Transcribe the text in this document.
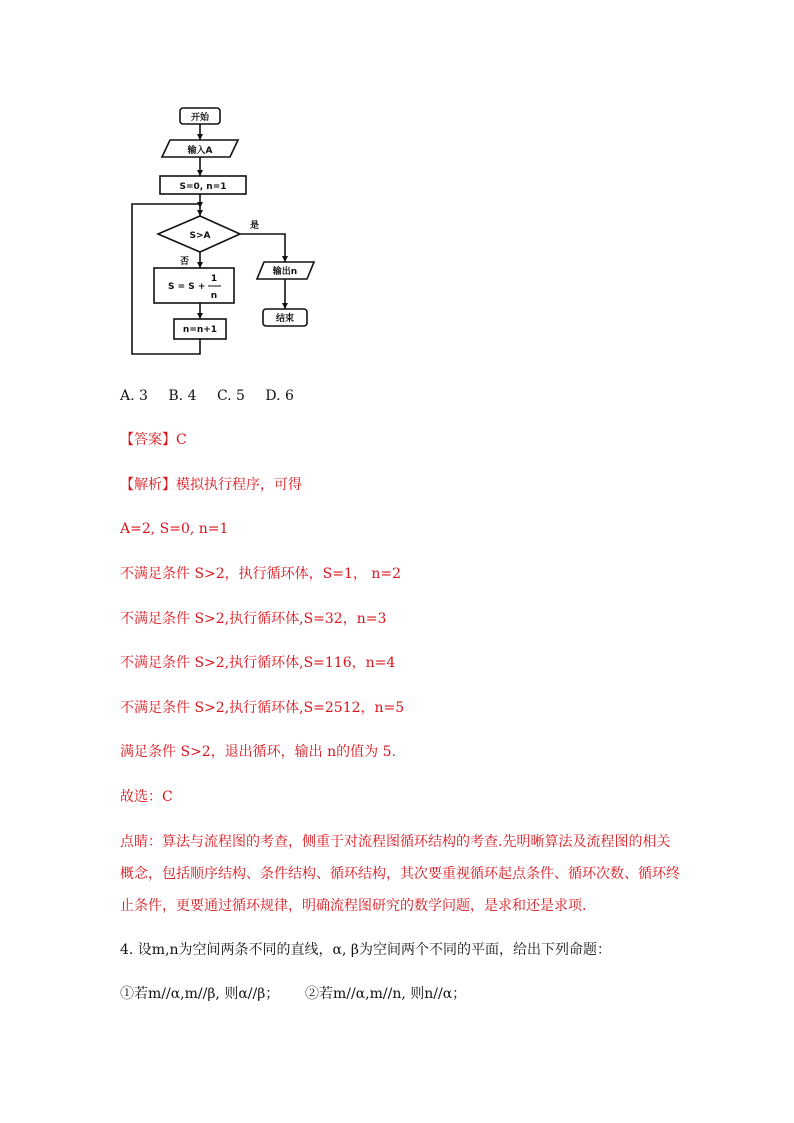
开始
输入A
S=0, n=1
S>A
是
否
S = S +
1
n
n=n+1
输出n
结束
A. 3 B. 4 C. 5 D. 6
【答案】C
【解析】模拟执行程序，可得
A=2, S=0, n=1
不满足条件 S>2，执行循环体，S=1， n=2
不满足条件 S>2,执行循环体,S=32，n=3
不满足条件 S>2,执行循环体,S=116，n=4
不满足条件 S>2,执行循环体,S=2512，n=5
满足条件 S>2，退出循环，输出 n的值为 5.
故选：C
点睛：算法与流程图的考查，侧重于对流程图循环结构的考查.先明晰算法及流程图的相关
概念，包括顺序结构、条件结构、循环结构，其次要重视循环起点条件、循环次数、循环终
止条件，更要通过循环规律，明确流程图研究的数学问题，是求和还是求项.
4. 设m,n为空间两条不同的直线，α, β为空间两个不同的平面，给出下列命题：
①若m//α,m//β, 则α//β； ②若m//α,m//n, 则n//α；
